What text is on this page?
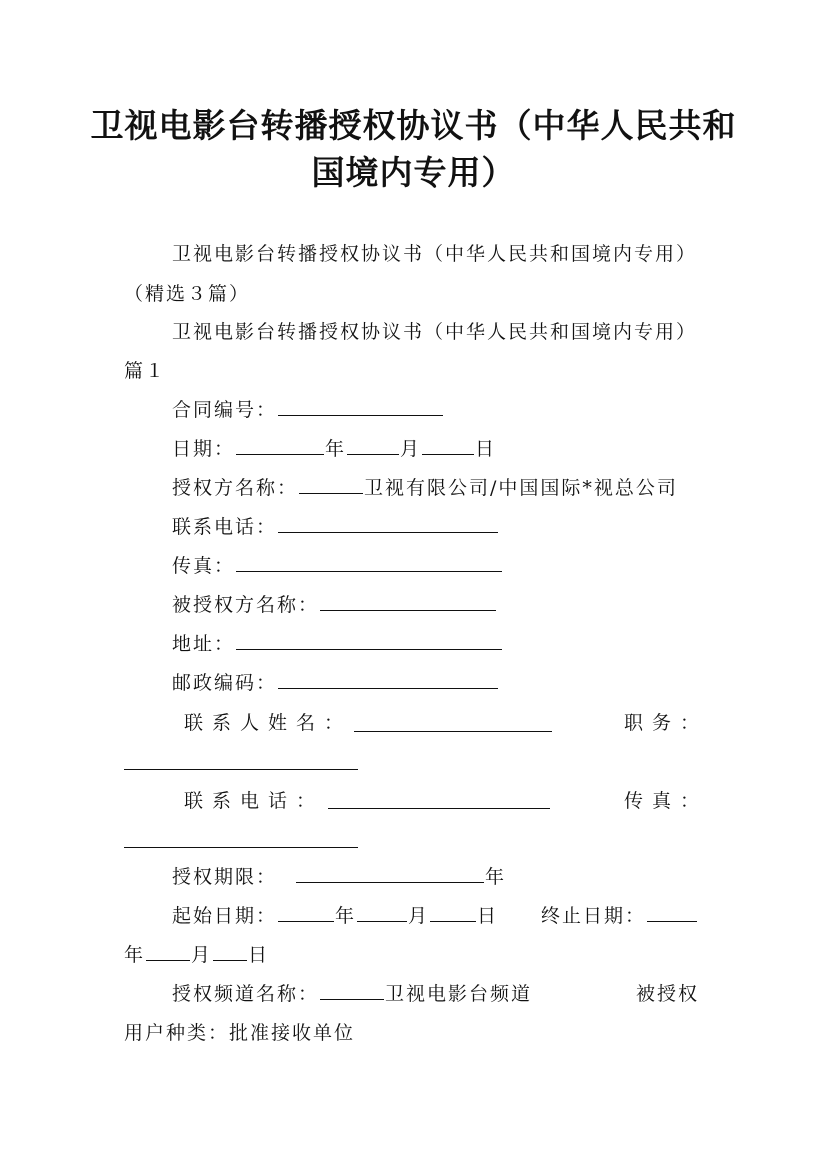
卫视电影台转播授权协议书（中华人民共和
国境内专用）
卫视电影台转播授权协议书（中华人民共和国境内专用）
（精选３篇）
卫视电影台转播授权协议书（中华人民共和国境内专用）
篇１
合同编号：
日期：	年	月	日
授权方名称：	卫视有限公司/中国国际*视总公司
联系电话：
传真：
被授权方名称：
地址：
邮政编码：
联系人姓名：	职务：
联系电话：	传真：
授权期限：	年
起始日期：	年	月	日 终止日期：
年 月 日
授权频道名称：	卫视电影台频道	被授权
用户种类：批准接收单位
